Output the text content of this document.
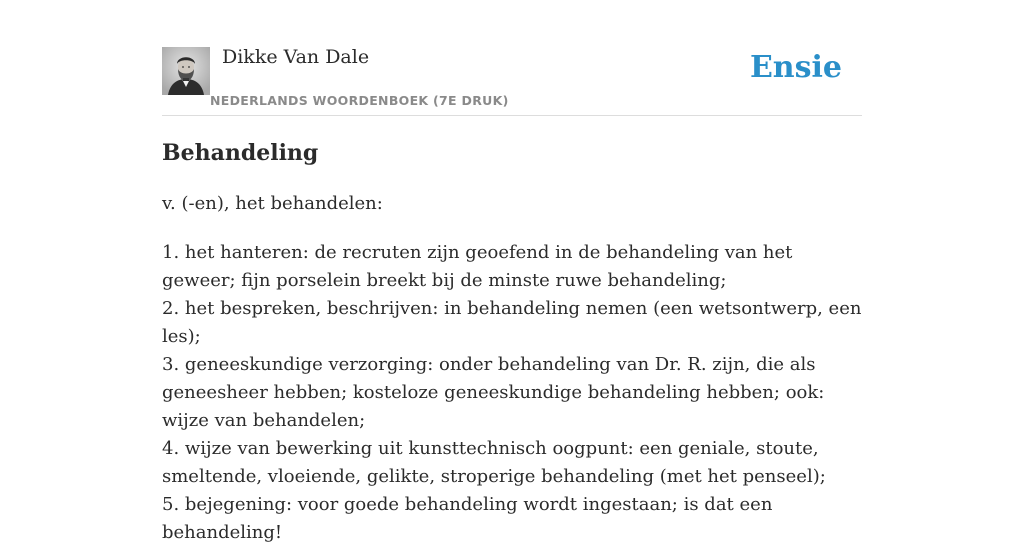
Dikke Van Dale
NEDERLANDS WOORDENBOEK (7E DRUK)
Ensie
Behandeling

v. (-en), het behandelen:

1. het hanteren: de recruten zijn geoefend in de behandeling van het geweer; fijn porselein breekt bij de minste ruwe behandeling;
2. het bespreken, beschrijven: in behandeling nemen (een wetsontwerp, een les);
3. geneeskundige verzorging: onder behandeling van Dr. R. zijn, die als geneesheer hebben; kosteloze geneeskundige behandeling hebben; ook: wijze van behandelen;
4. wijze van bewerking uit kunsttechnisch oogpunt: een geniale, stoute, smeltende, vloeiende, gelikte, stroperige behandeling (met het penseel);
5. bejegening: voor goede behandeling wordt ingestaan; is dat een behandeling!
